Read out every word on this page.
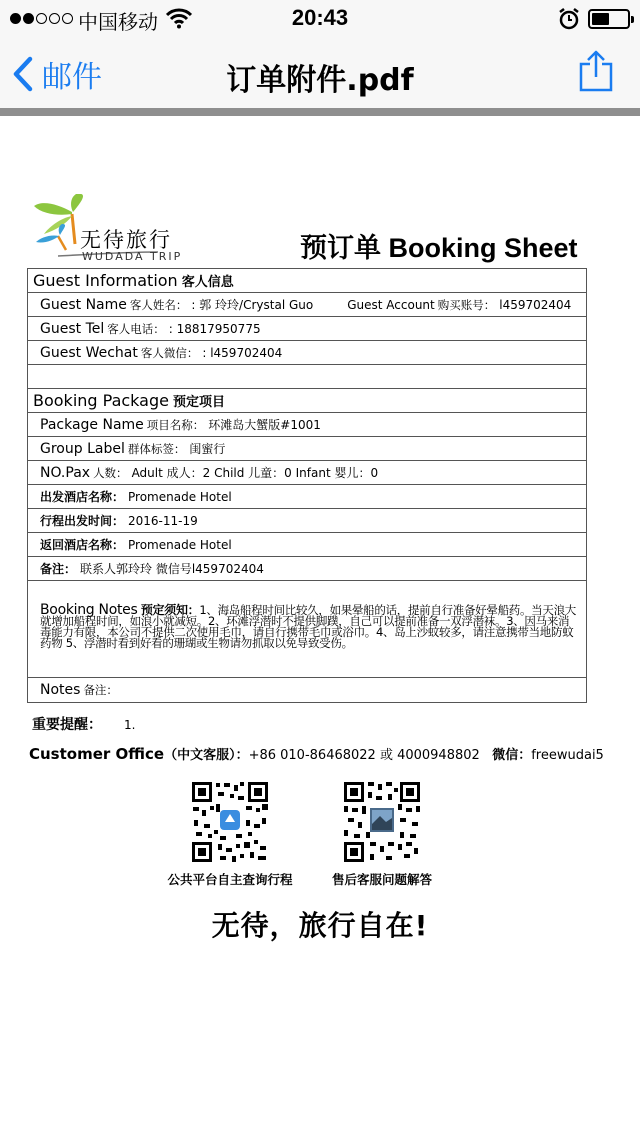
中国移动	20:43
邮件	订单附件.pdf
无待旅行
WUDADA TRIP	预订单 Booking Sheet
Guest Information 客人信息
Guest Name 客人姓名： : 郭 玲玲/Crystal Guo	Guest Account 购买账号： l459702404
Guest Tel 客人电话： : 18817950775
Guest Wechat 客人微信： : l459702404
Booking Package 预定项目
Package Name 项目名称： 环滩岛大蟹版#1001
Group Label 群体标签： 闺蜜行
NO.Pax 人数： Adult 成人：2 Child 儿童：0 Infant 婴儿：0
出发酒店名称： Promenade Hotel
行程出发时间： 2016-11-19
返回酒店名称： Promenade Hotel
备注： 联系人郭玲玲 微信号l459702404
Booking Notes 预定须知：1、海岛船程时间比较久，如果晕船的话，提前自行准备好晕船药。当天浪大就增加船程时间，如浪小就减短。2、环滩浮潜时不提供脚蹼，自己可以提前准备一双浮潜袜。3、因马来消毒能力有限，本公司不提供二次使用毛巾，请自行携带毛巾或浴巾。4、岛上沙蚊较多，请注意携带当地防蚊药物 5、浮潜时看到好看的珊瑚或生物请勿抓取以免导致受伤。
Notes 备注：
重要提醒： 1.
Customer Office（中文客服）：+86 010-86468022 或 4000948802 微信：freewudai5
公共平台自主查询行程	售后客服问题解答
无待，旅行自在!
